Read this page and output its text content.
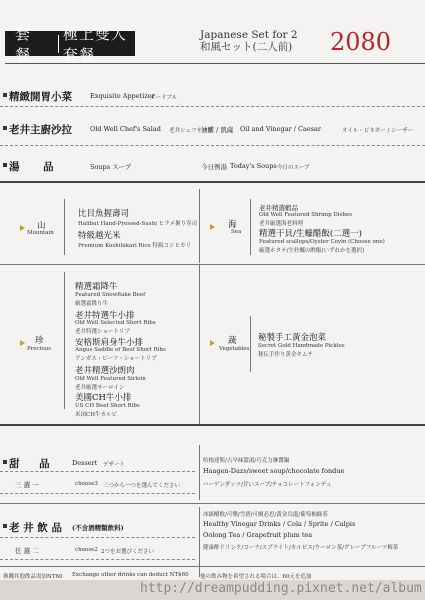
套 餐
極上雙人套餐
Japanese Set for 2
和風セット(二人前) 2080
精緻開胃小菜	Exquisite Appetizer
オードブル
老井主廚沙拉	Old Well Chef's Salad 老井シェフサラダ
油醋 / 凱薩 Oil and Vinegar / Caesar	オイル・ビネガー / シーザー
湯 品	Soups スープ	今日例湯 Today's Soups 今日のスープ
山
Mountain
比目魚握壽司
Halibut Hand-Pressed-Sushi ヒラメ握り寿司
特級越光米
Premium Koshihikari Rice 特級コシヒカリ
海
Sea
老井精選蝦品
Old Well Featured Shrimp Dishes
老井厳選海老料理
精選干貝/生蠔醋飯(二選一)
Featured scallops/Oyster Coyin (Choose one)
厳選ホタテ/生牡蠣の酢飯(いずれかを選択)
珍
Precious
精選霜降牛
Featured Snowflake Beef
厳選霜降り牛
老井特選牛小排
Old Well Selected Short Ribs
老井特選ショートリブ
安格斯肩身牛小排
Angus Saddle of Beef Short Ribs
アンガス・ビーフ・ショートリブ
老井精選沙朗肉
Old Well Featured Sirloin
老井厳選サーロイン
美國CH牛小排
US CH Beef Short Ribs
米国CH牛カルビ
蔬
Vegetables
秘製手工黃金泡菜
Secret Gold Handmade Pickles
秘伝手作り黄金キムチ
甜 品 Dessert デザート
三 選 一	choose3 三つから一つを選んでください
哈根達斯/古早味甜湯/巧克力淋醬鍋
Haagen-Dazs/sweet soup/chocolate fondue
ハーゲンダッツ/甘いスープ/チョコレートフォンデュ
老 井 飲 品 (不含酒精類飲料)
任 選 二	choose2 2つをお選びください
冰鎮醋飲/可樂/雪碧/可爾必思/黃金烏龍/葡萄柚綠茶
Healthy Vinegar Drinks / Cola / Sprite / Calpis
Oolong Tea / Grapefruit plum tea
健康酢ドリンク/コーラ/スプライト/カルピス/ウーロン茶/グレープフルーツ梅茶
換購其他飲品需加NT60 Exchange other drinks can deduct NT$60 他の飲み物を希望される場合は、60元を追加
http://dreampudding.pixnet.net/album
